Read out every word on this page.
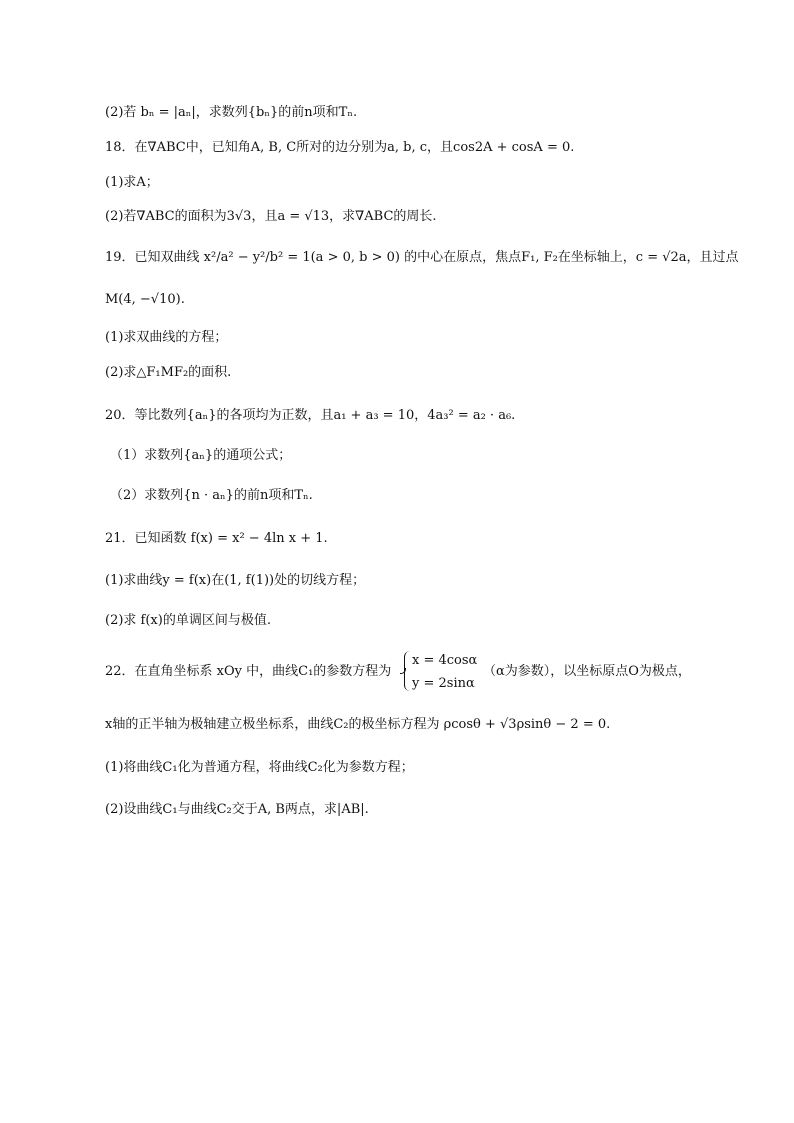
(2)若 bₙ = |aₙ|，求数列{bₙ}的前n项和Tₙ.
18．在∇ABC中，已知角A, B, C所对的边分别为a, b, c，且cos2A + cosA = 0.
(1)求A；
(2)若∇ABC的面积为3√3，且a = √13，求∇ABC的周长.
19．已知双曲线 x²/a² − y²/b² = 1(a > 0, b > 0) 的中心在原点，焦点F₁, F₂在坐标轴上，c = √2a，且过点
M(4, −√10).
(1)求双曲线的方程；
(2)求△F₁MF₂的面积.
20．等比数列{aₙ}的各项均为正数，且a₁ + a₃ = 10，4a₃² = a₂ · a₆.
（1）求数列{aₙ}的通项公式；
（2）求数列{n · aₙ}的前n项和Tₙ.
21．已知函数 f(x) = x² − 4ln x + 1.
(1)求曲线y = f(x)在(1, f(1))处的切线方程；
(2)求 f(x)的单调区间与极值.
22．在直角坐标系 xOy 中，曲线C₁的参数方程为
x = 4cosα
y = 2sinα
（α为参数），以坐标原点O为极点，
x轴的正半轴为极轴建立极坐标系，曲线C₂的极坐标方程为 ρcosθ + √3ρsinθ − 2 = 0.
(1)将曲线C₁化为普通方程，将曲线C₂化为参数方程；
(2)设曲线C₁与曲线C₂交于A, B两点，求|AB|.
